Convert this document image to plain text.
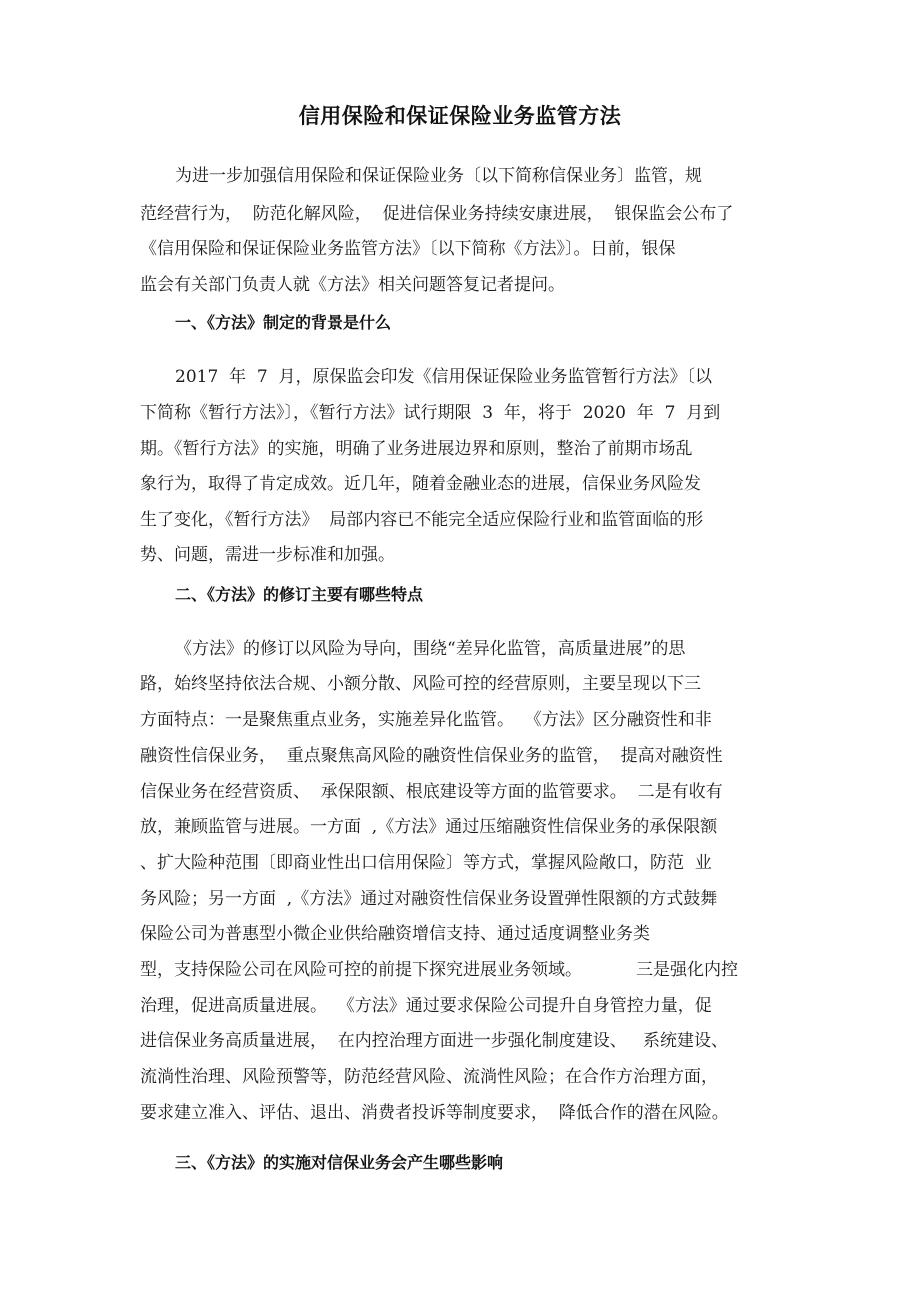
信用保险和保证保险业务监管方法
为进一步加强信用保险和保证保险业务〔以下简称信保业务〕监管，规
范经营行为，  防范化解风险，  促进信保业务持续安康进展，  银保监会公布了
《信用保险和保证保险业务监管方法》〔以下简称《方法》〕。日前，银保
监会有关部门负责人就《方法》相关问题答复记者提问。
一、《方法》制定的背景是什么
2017  年  7  月，原保监会印发《信用保证保险业务监管暂行方法》〔以
下简称《暂行方法》〕，《暂行方法》试行期限  3  年，将于  2020  年  7  月到
期。《暂行方法》的实施，明确了业务进展边界和原则，整治了前期市场乱
象行为，取得了肯定成效。近几年，随着金融业态的进展，信保业务风险发
生了变化，《暂行方法》  局部内容已不能完全适应保险行业和监管面临的形
势、问题，需进一步标准和加强。
二、《方法》的修订主要有哪些特点
《方法》的修订以风险为导向，围绕“差异化监管，高质量进展”的思
路，始终坚持依法合规、小额分散、风险可控的经营原则，主要呈现以下三
方面特点：一是聚焦重点业务，实施差异化监管。  《方法》区分融资性和非
融资性信保业务，  重点聚焦高风险的融资性信保业务的监管，  提高对融资性
信保业务在经营资质、  承保限额、根底建设等方面的监管要求。  二是有收有
放，兼顾监管与进展。一方面  ,《方法》通过压缩融资性信保业务的承保限额
、扩大险种范围〔即商业性出口信用保险〕等方式，掌握风险敞口，防范  业
务风险；另一方面  ,《方法》通过对融资性信保业务设置弹性限额的方式鼓舞
保险公司为普惠型小微企业供给融资增信支持、通过适度调整业务类
型，支持保险公司在风险可控的前提下探究进展业务领域。          三是强化内控
治理，促进高质量进展。  《方法》通过要求保险公司提升自身管控力量，促
进信保业务高质量进展，  在内控治理方面进一步强化制度建设、   系统建设、
流淌性治理、风险预警等，防范经营风险、流淌性风险；在合作方治理方面，
要求建立准入、评估、退出、消费者投诉等制度要求，  降低合作的潜在风险。
三、《方法》的实施对信保业务会产生哪些影响
